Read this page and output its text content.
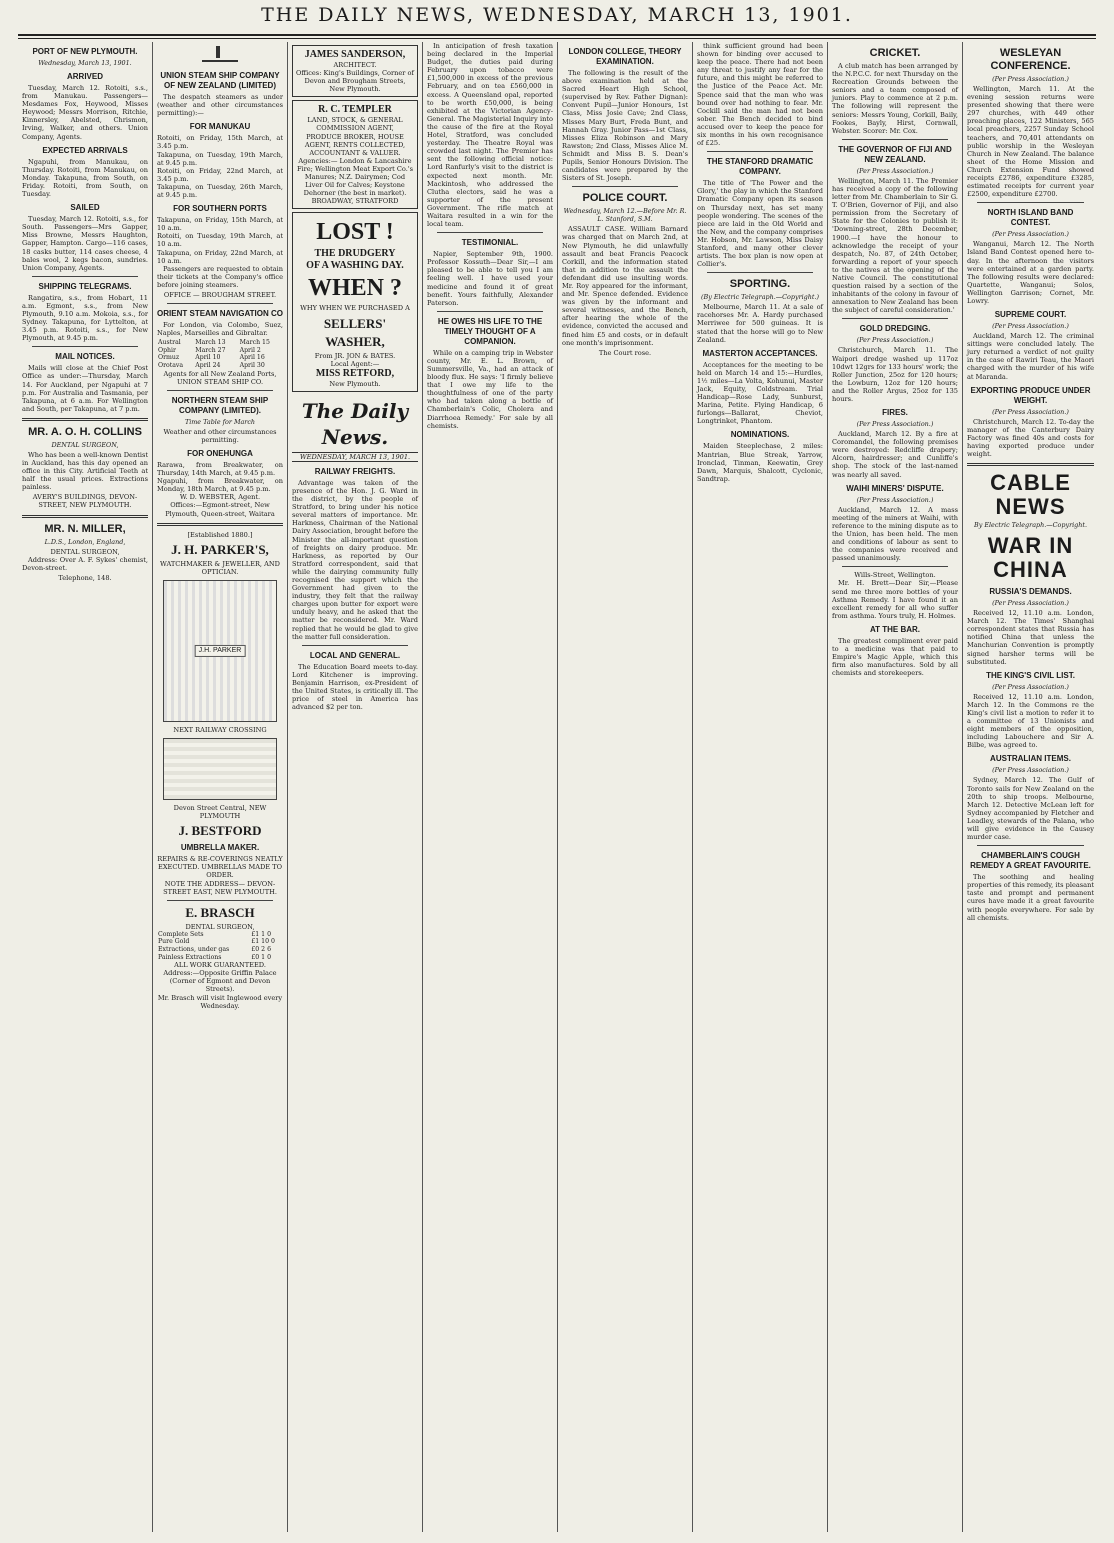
THE DAILY NEWS, WEDNESDAY, MARCH 13, 1901.
PORT OF NEW PLYMOUTH.
Wednesday, March 13, 1901.
ARRIVED

Tuesday, March 12. Rotoiti, s.s., from Manukau. Passengers—Mesdames Fox, Heywood, Misses Heywood; Messrs Morrison, Ritchie, Kinnersley, Abelsted, Chrismon, Irving, Walker, and others. Union Company, Agents.

EXPECTED ARRIVALS

Ngapuhi, from Manukau, on Thursday. Rotoiti, from Manukau, on Monday. Takapuna, from South, on Friday. Rotoiti, from South, on Tuesday.

SAILED

Tuesday, March 12. Rotoiti, s.s., for South. Passengers—Mrs Gapper, Miss Browne, Messrs Haughton, Gapper, Hampton. Cargo—116 cases, 18 casks butter, 114 cases cheese, 4 bales wool, 2 kegs bacon, sundries. Union Company, Agents.

SHIPPING TELEGRAMS.

Rangatira, s.s., from Hobart, 11 a.m. Egmont, s.s., from New Plymouth, 9.10 a.m. Mokoia, s.s., for Sydney. Takapuna, for Lyttelton, at 3.45 p.m. Rotoiti, s.s., for New Plymouth, at 9.45 p.m.

MAIL NOTICES.

Mails will close at the Chief Post Office as under:—Thursday, March 14. For Auckland, per Ngapuhi at 7 p.m. For Australia and Tasmania, per Takapuna, at 6 a.m. For Wellington and South, per Takapuna, at 7 p.m.

MR. A. O. H. COLLINS
DENTAL SURGEON,

Who has been a well-known Dentist in Auckland, has this day opened an office in this City. Artificial Teeth at half the usual prices. Extractions painless.

AVERY'S BUILDINGS, DEVON-STREET, NEW PLYMOUTH.
MR. N. MILLER,
L.D.S., London, England,
DENTAL SURGEON,

Address: Over A. F. Sykes' chemist, Devon-street.

Telephone, 148.
UNION STEAM SHIP COMPANY OF NEW ZEALAND (LIMITED)

The despatch steamers as under (weather and other circumstances permitting):—

FOR MANUKAU
Rotoiti, on Friday, 15th March, at 3.45 p.m.
Takapuna, on Tuesday, 19th March, at 9.45 p.m.
Rotoiti, on Friday, 22nd March, at 3.45 p.m.
Takapuna, on Tuesday, 26th March, at 9.45 p.m.
FOR SOUTHERN PORTS
Takapuna, on Friday, 15th March, at 10 a.m.
Rotoiti, on Tuesday, 19th March, at 10 a.m.
Takapuna, on Friday, 22nd March, at 10 a.m.

Passengers are requested to obtain their tickets at the Company's office before joining steamers.

OFFICE — BROUGHAM STREET.
ORIENT STEAM NAVIGATION CO

For London, via Colombo, Suez, Naples, Marseilles and Gibraltar.

Austral	March 13	March 15
Ophir	March 27	April 2
Ormuz	April 10	April 16
Orotava	April 24	April 30
Agents for all New Zealand Ports, UNION STEAM SHIP CO.
NORTHERN STEAM SHIP COMPANY (LIMITED).
Time Table for March
Weather and other circumstances permitting.
FOR ONEHUNGA
Rarawa, from Breakwater, on Thursday, 14th March, at 9.45 p.m.
Ngapuhi, from Breakwater, on Monday, 18th March, at 9.45 p.m.
W. D. WEBSTER, Agent.
Offices:—Egmont-street, New Plymouth, Queen-street, Waitara
[Established 1880.]
J. H. PARKER'S,
WATCHMAKER & JEWELLER, AND OPTICIAN.
J.H. PARKER
NEXT RAILWAY CROSSING
Devon Street Central, NEW PLYMOUTH
J. BESTFORD
UMBRELLA MAKER.
REPAIRS & RE-COVERINGS NEATLY EXECUTED. UMBRELLAS MADE TO ORDER.
NOTE THE ADDRESS— DEVON-STREET EAST, NEW PLYMOUTH.
E. BRASCH
DENTAL SURGEON,
Complete Sets	£1 1 0
Pure Gold	£1 10 0
Extractions, under gas	£0 2 6
Painless Extractions	£0 1 0
ALL WORK GUARANTEED.
Address:—Opposite Griffin Palace (Corner of Egmont and Devon Streets).
Mr. Brasch will visit Inglewood every Wednesday.
JAMES SANDERSON,
ARCHITECT.
Offices: King's Buildings, Corner of Devon and Brougham Streets, New Plymouth.
R. C. TEMPLER
LAND, STOCK, & GENERAL COMMISSION AGENT,
PRODUCE BROKER, HOUSE AGENT, RENTS COLLECTED, ACCOUNTANT & VALUER.
Agencies:— London & Lancashire Fire; Wellington Meat Export Co.'s Manures; N.Z. Dairymen; Cod Liver Oil for Calves; Keystone Dehorner (the best in market).
BROADWAY, STRATFORD
LOST !
THE DRUDGERY
OF A WASHING DAY.
WHEN ?
WHY WHEN WE PURCHASED A
SELLERS'
WASHER,
From JR. JON & BATES.
Local Agent:—
MISS RETFORD,
New Plymouth.
The Daily News.
WEDNESDAY, MARCH 13, 1901.
RAILWAY FREIGHTS.

Advantage was taken of the presence of the Hon. J. G. Ward in the district, by the people of Stratford, to bring under his notice several matters of importance. Mr. Harkness, Chairman of the National Dairy Association, brought before the Minister the all-important question of freights on dairy produce. Mr. Harkness, as reported by Our Stratford correspondent, said that while the dairying community fully recognised the support which the Government had given to the industry, they felt that the railway charges upon butter for export were unduly heavy, and he asked that the matter be reconsidered. Mr. Ward replied that he would be glad to give the matter full consideration.

LOCAL AND GENERAL.

The Education Board meets to-day. Lord Kitchener is improving. Benjamin Harrison, ex-President of the United States, is critically ill. The price of steel in America has advanced $2 per ton.

In anticipation of fresh taxation being declared in the Imperial Budget, the duties paid during February upon tobacco were £1,500,000 in excess of the previous February, and on tea £560,000 in excess. A Queensland opal, reported to be worth £50,000, is being exhibited at the Victorian Agency-General. The Magisterial Inquiry into the cause of the fire at the Royal Hotel, Stratford, was concluded yesterday. The Theatre Royal was crowded last night. The Premier has sent the following official notice: Lord Ranfurly's visit to the district is expected next month. Mr. Mackintosh, who addressed the Clutha electors, said he was a supporter of the present Government. The rifle match at Waitara resulted in a win for the local team.

TESTIMONIAL.

Napier, September 9th, 1900. Professor Kossuth—Dear Sir,—I am pleased to be able to tell you I am feeling well. I have used your medicine and found it of great benefit. Yours faithfully, Alexander Paterson.

HE OWES HIS LIFE TO THE TIMELY THOUGHT OF A COMPANION.

While on a camping trip in Webster county, Mr. E. L. Brown, of Summersville, Va., had an attack of bloody flux. He says: 'I firmly believe that I owe my life to the thoughtfulness of one of the party who had taken along a bottle of Chamberlain's Colic, Cholera and Diarrhoea Remedy.' For sale by all chemists.

LONDON COLLEGE, THEORY EXAMINATION.

The following is the result of the above examination held at the Sacred Heart High School, (supervised by Rev. Father Dignan): Convent Pupil—Junior Honours, 1st Class, Miss Josie Cave; 2nd Class, Misses Mary Burt, Freda Bunt, and Hannah Gray. Junior Pass—1st Class, Misses Eliza Robinson and Mary Rawston; 2nd Class, Misses Alice M. Schmidt and Miss B. S. Dean's Pupils, Senior Honours Division. The candidates were prepared by the Sisters of St. Joseph.

POLICE COURT.
Wednesday, March 12.—Before Mr. R. L. Stanford, S.M.

ASSAULT CASE. William Barnard was charged that on March 2nd, at New Plymouth, he did unlawfully assault and beat Francis Peacock Corkill, and the information stated that in addition to the assault the defendant did use insulting words. Mr. Roy appeared for the informant, and Mr. Spence defended. Evidence was given by the informant and several witnesses, and the Bench, after hearing the whole of the evidence, convicted the accused and fined him £5 and costs, or in default one month's imprisonment.

The Court rose.

think sufficient ground had been shown for binding over accused to keep the peace. There had not been any threat to justify any fear for the future, and this might be referred to the Justice of the Peace Act. Mr. Spence said that the man who was bound over had nothing to fear. Mr. Cockill said the man had not been sober. The Bench decided to bind accused over to keep the peace for six months in his own recognisance of £25.

THE STANFORD DRAMATIC COMPANY.

The title of 'The Power and the Glory,' the play in which the Stanford Dramatic Company open its season on Thursday next, has set many people wondering. The scenes of the piece are laid in the Old World and the New, and the company comprises Mr. Hobson, Mr. Lawson, Miss Daisy Stanford, and many other clever artists. The box plan is now open at Collier's.

SPORTING.
(By Electric Telegraph.—Copyright.)

Melbourne, March 11. At a sale of racehorses Mr. A. Hardy purchased Merriwee for 500 guineas. It is stated that the horse will go to New Zealand.

MASTERTON ACCEPTANCES.

Acceptances for the meeting to be held on March 14 and 15:—Hurdles, 1½ miles—La Volta, Kohunui, Master Jack, Equity, Coldstream. Trial Handicap—Rose Lady, Sunburst, Marina, Petite. Flying Handicap, 6 furlongs—Ballarat, Cheviot, Longtrinket, Phantom.

NOMINATIONS.

Maiden Steeplechase, 2 miles: Mantrian, Blue Streak, Yarrow, Ironclad, Tinman, Keewatin, Grey Dawn, Marquis, Shalcott, Cyclonic, Sandtrap.

CRICKET.

A club match has been arranged by the N.P.C.C. for next Thursday on the Recreation Grounds between the seniors and a team composed of juniors. Play to commence at 2 p.m. The following will represent the seniors: Messrs Young, Corkill, Baily, Fookes, Bayly, Hirst, Cornwall, Webster. Scorer: Mr. Cox.

THE GOVERNOR OF FIJI AND NEW ZEALAND.
(Per Press Association.)

Wellington, March 11. The Premier has received a copy of the following letter from Mr. Chamberlain to Sir G. T. O'Brien, Governor of Fiji, and also permission from the Secretary of State for the Colonies to publish it: 'Downing-street, 28th December, 1900.—I have the honour to acknowledge the receipt of your despatch, No. 87, of 24th October, forwarding a report of your speech to the natives at the opening of the Native Council. The constitutional question raised by a section of the inhabitants of the colony in favour of annexation to New Zealand has been the subject of careful consideration.'

GOLD DREDGING.
(Per Press Association.)

Christchurch, March 11. The Waipori dredge washed up 117oz 10dwt 12grs for 133 hours' work; the Roller Junction, 25oz for 120 hours; the Lowburn, 12oz for 120 hours; and the Roller Argus, 25oz for 135 hours.

FIRES.
(Per Press Association.)

Auckland, March 12. By a fire at Coromandel, the following premises were destroyed: Redcliffe drapery; Alcorn, hairdresser; and Cunliffe's shop. The stock of the last-named was nearly all saved.

WAIHI MINERS' DISPUTE.
(Per Press Association.)

Auckland, March 12. A mass meeting of the miners at Waihi, with reference to the mining dispute as to the Union, has been held. The men and conditions of labour as sent to the companies were received and passed unanimously.

Wills-Street, Wellington.

Mr. H. Brett—Dear Sir,—Please send me three more bottles of your Asthma Remedy. I have found it an excellent remedy for all who suffer from asthma. Yours truly, H. Holmes.

AT THE BAR.

The greatest compliment ever paid to a medicine was that paid to Empire's Magic Apple, which this firm also manufactures. Sold by all chemists and storekeepers.

WESLEYAN CONFERENCE.
(Per Press Association.)

Wellington, March 11. At the evening session returns were presented showing that there were 297 churches, with 449 other preaching places, 122 Ministers, 565 local preachers, 2257 Sunday School teachers, and 70,401 attendants on public worship in the Wesleyan Church in New Zealand. The balance sheet of the Home Mission and Church Extension Fund showed receipts £2786, expenditure £3285, estimated receipts for current year £2500, expenditure £2700.

NORTH ISLAND BAND CONTEST.
(Per Press Association.)

Wanganui, March 12. The North Island Band Contest opened here to-day. In the afternoon the visitors were entertained at a garden party. The following results were declared: Quartette, Wanganui; Solos, Wellington Garrison; Cornet, Mr. Lowry.

SUPREME COURT.
(Per Press Association.)

Auckland, March 12. The criminal sittings were concluded lately. The jury returned a verdict of not guilty in the case of Rawiri Teau, the Maori charged with the murder of his wife at Maranda.

EXPORTING PRODUCE UNDER WEIGHT.
(Per Press Association.)

Christchurch, March 12. To-day the manager of the Canterbury Dairy Factory was fined 40s and costs for having exported produce under weight.

CABLE NEWS
By Electric Telegraph.—Copyright.
WAR IN CHINA
RUSSIA'S DEMANDS.
(Per Press Association.)

Received 12, 11.10 a.m. London, March 12. The Times' Shanghai correspondent states that Russia has notified China that unless the Manchurian Convention is promptly signed harsher terms will be substituted.

THE KING'S CIVIL LIST.
(Per Press Association.)

Received 12, 11.10 a.m. London, March 12. In the Commons re the King's civil list a motion to refer it to a committee of 13 Unionists and eight members of the opposition, including Labouchere and Sir A. Bilbe, was agreed to.

AUSTRALIAN ITEMS.
(Per Press Association.)

Sydney, March 12. The Gulf of Toronto sails for New Zealand on the 20th to ship troops. Melbourne, March 12. Detective McLean left for Sydney accompanied by Fletcher and Leadley, stewards of the Palana, who will give evidence in the Causey murder case.

CHAMBERLAIN'S COUGH REMEDY A GREAT FAVOURITE.

The soothing and healing properties of this remedy, its pleasant taste and prompt and permanent cures have made it a great favourite with people everywhere. For sale by all chemists.
